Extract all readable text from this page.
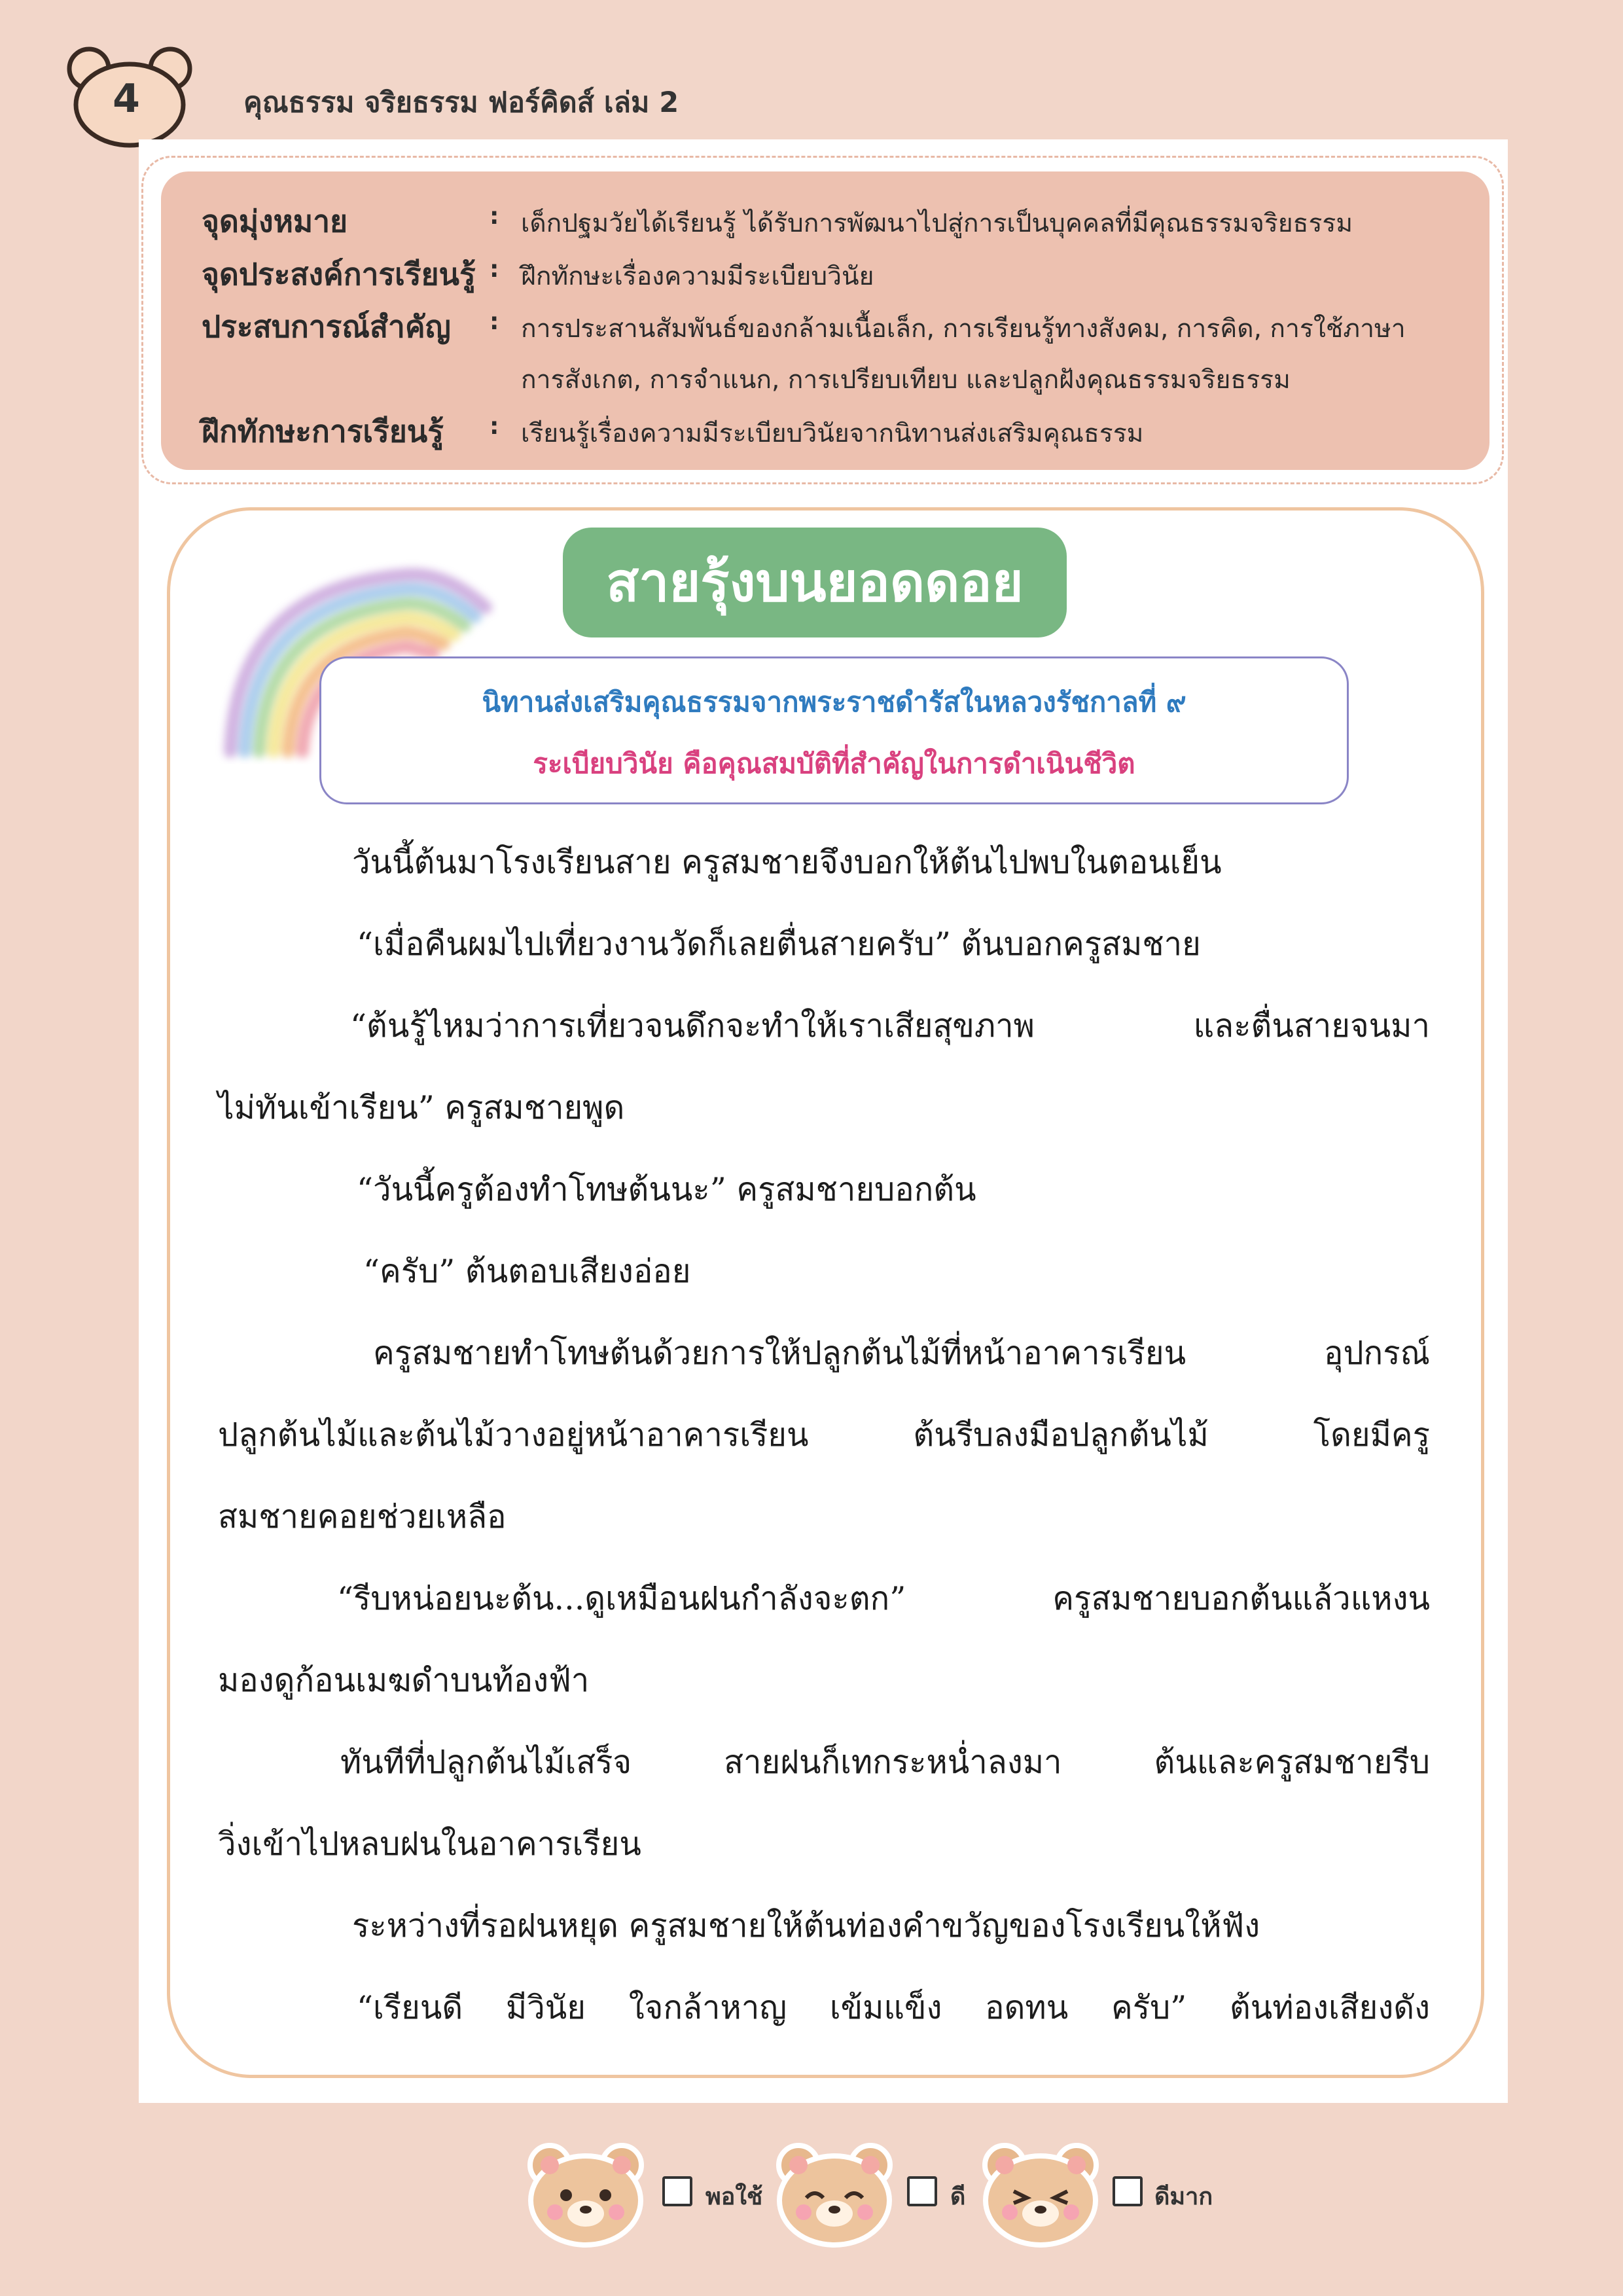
4	คุณธรรม จริยธรรม ฟอร์คิดส์ เล่ม 2
จุดมุ่งหมาย	: เด็กปฐมวัยได้เรียนรู้ ได้รับการพัฒนาไปสู่การเป็นบุคคลที่มีคุณธรรมจริยธรรม
จุดประสงค์การเรียนรู้ : ฝึกทักษะเรื่องความมีระเบียบวินัย
ประสบการณ์สำคัญ : การประสานสัมพันธ์ของกล้ามเนื้อเล็ก, การเรียนรู้ทางสังคม, การคิด, การใช้ภาษา
การสังเกต, การจำแนก, การเปรียบเทียบ และปลูกฝังคุณธรรมจริยธรรม
ฝึกทักษะการเรียนรู้ : เรียนรู้เรื่องความมีระเบียบวินัยจากนิทานส่งเสริมคุณธรรม
สายรุ้งบนยอดดอย
นิทานส่งเสริมคุณธรรมจากพระราชดำรัสในหลวงรัชกาลที่ ๙
ระเบียบวินัย คือคุณสมบัติที่สำคัญในการดำเนินชีวิต
วันนี้ต้นมาโรงเรียนสาย ครูสมชายจึงบอกให้ต้นไปพบในตอนเย็น
“เมื่อคืนผมไปเที่ยวงานวัดก็เลยตื่นสายครับ” ต้นบอกครูสมชาย
“ต้นรู้ไหมว่าการเที่ยวจนดึกจะทำให้เราเสียสุขภาพ และตื่นสายจนมา
ไม่ทันเข้าเรียน” ครูสมชายพูด
“วันนี้ครูต้องทำโทษต้นนะ” ครูสมชายบอกต้น
“ครับ” ต้นตอบเสียงอ่อย
ครูสมชายทำโทษต้นด้วยการให้ปลูกต้นไม้ที่หน้าอาคารเรียน อุปกรณ์
ปลูกต้นไม้และต้นไม้วางอยู่หน้าอาคารเรียน ต้นรีบลงมือปลูกต้นไม้ โดยมีครู
สมชายคอยช่วยเหลือ
“รีบหน่อยนะต้น...ดูเหมือนฝนกำลังจะตก” ครูสมชายบอกต้นแล้วแหงน
มองดูก้อนเมฆดำบนท้องฟ้า
ทันทีที่ปลูกต้นไม้เสร็จ สายฝนก็เทกระหน่ำลงมา ต้นและครูสมชายรีบ
วิ่งเข้าไปหลบฝนในอาคารเรียน
ระหว่างที่รอฝนหยุด ครูสมชายให้ต้นท่องคำขวัญของโรงเรียนให้ฟัง
“เรียนดี มีวินัย ใจกล้าหาญ เข้มแข็ง อดทน ครับ” ต้นท่องเสียงดัง
พอใช้	ดี	ดีมาก
